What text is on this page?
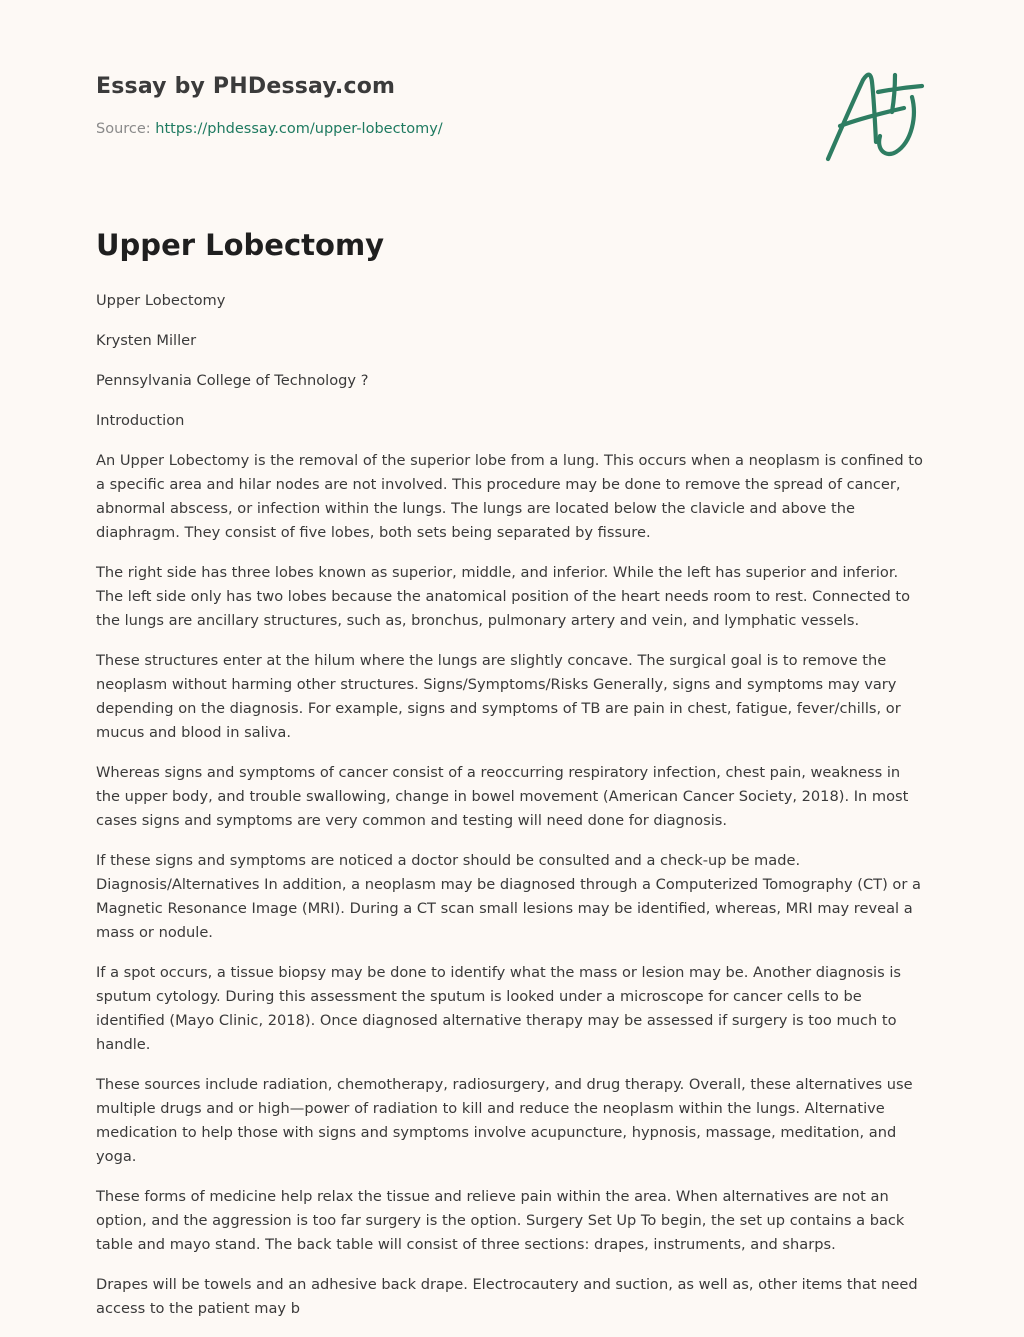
Essay by PHDessay.com
Source: https://phdessay.com/upper-lobectomy/
Upper Lobectomy

Upper Lobectomy

Krysten Miller

Pennsylvania College of Technology ?

Introduction

An Upper Lobectomy is the removal of the superior lobe from a lung. This occurs when a neoplasm is confined to a specific area and hilar nodes are not involved. This procedure may be done to remove the spread of cancer, abnormal abscess, or infection within the lungs. The lungs are located below the clavicle and above the diaphragm. They consist of five lobes, both sets being separated by fissure.

The right side has three lobes known as superior, middle, and inferior. While the left has superior and inferior. The left side only has two lobes because the anatomical position of the heart needs room to rest. Connected to the lungs are ancillary structures, such as, bronchus, pulmonary artery and vein, and lymphatic vessels.

These structures enter at the hilum where the lungs are slightly concave. The surgical goal is to remove the neoplasm without harming other structures. Signs/Symptoms/Risks Generally, signs and symptoms may vary depending on the diagnosis. For example, signs and symptoms of TB are pain in chest, fatigue, fever/chills, or mucus and blood in saliva.

Whereas signs and symptoms of cancer consist of a reoccurring respiratory infection, chest pain, weakness in the upper body, and trouble swallowing, change in bowel movement (American Cancer Society, 2018). In most cases signs and symptoms are very common and testing will need done for diagnosis.

If these signs and symptoms are noticed a doctor should be consulted and a check-up be made. Diagnosis/Alternatives In addition, a neoplasm may be diagnosed through a Computerized Tomography (CT) or a Magnetic Resonance Image (MRI). During a CT scan small lesions may be identified, whereas, MRI may reveal a mass or nodule.

If a spot occurs, a tissue biopsy may be done to identify what the mass or lesion may be. Another diagnosis is sputum cytology. During this assessment the sputum is looked under a microscope for cancer cells to be identified (Mayo Clinic, 2018). Once diagnosed alternative therapy may be assessed if surgery is too much to handle.

These sources include radiation, chemotherapy, radiosurgery, and drug therapy. Overall, these alternatives use multiple drugs and or high—power of radiation to kill and reduce the neoplasm within the lungs. Alternative medication to help those with signs and symptoms involve acupuncture, hypnosis, massage, meditation, and yoga.

These forms of medicine help relax the tissue and relieve pain within the area. When alternatives are not an option, and the aggression is too far surgery is the option. Surgery Set Up To begin, the set up contains a back table and mayo stand. The back table will consist of three sections: drapes, instruments, and sharps.

Drapes will be towels and an adhesive back drape. Electrocautery and suction, as well as, other items that need access to the patient may b
